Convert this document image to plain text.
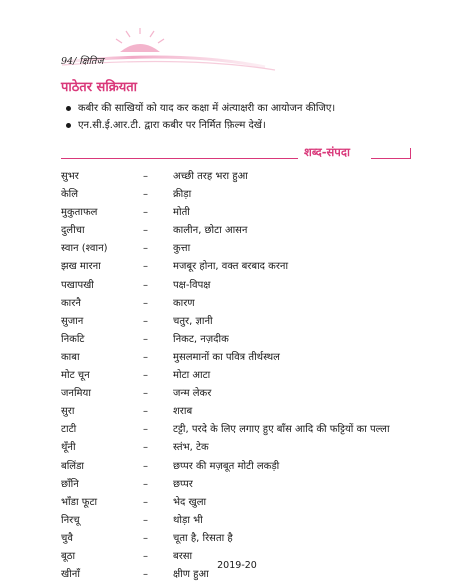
94/ क्षितिज
पाठेतर सक्रियता
कबीर की साखियों को याद कर कक्षा में अंत्याक्षरी का आयोजन कीजिए।
एन.सी.ई.आर.टी. द्वारा कबीर पर निर्मित फ़िल्म देखें।
शब्द-संपदा
सुभर	–	अच्छी तरह भरा हुआ
केलि	–	क्रीड़ा
मुकुताफल	–	मोती
दुलीचा	–	कालीन, छोटा आसन
स्वान (श्वान)	–	कुत्ता
झख मारना	–	मजबूर होना, वक्त बरबाद करना
पखापखी	–	पक्ष-विपक्ष
कारनै	–	कारण
सुजान	–	चतुर, ज्ञानी
निकटि	–	निकट, नज़दीक
काबा	–	मुसलमानों का पवित्र तीर्थस्थल
मोट चून	–	मोटा आटा
जनमिया	–	जन्म लेकर
सुरा	–	शराब
टाटी	–	टट्टी, परदे के लिए लगाए हुए बाँस आदि की फट्टियों का पल्ला
थूँनी	–	स्तंभ, टेक
बलिंडा	–	छप्पर की मज़बूत मोटी लकड़ी
छाँनि	–	छप्पर
भाँडा फूटा	–	भेद खुला
निरचू	–	थोड़ा भी
चुवै	–	चूता है, रिसता है
बूठा	–	बरसा
खीनाँ	–	क्षीण हुआ
2019-20
